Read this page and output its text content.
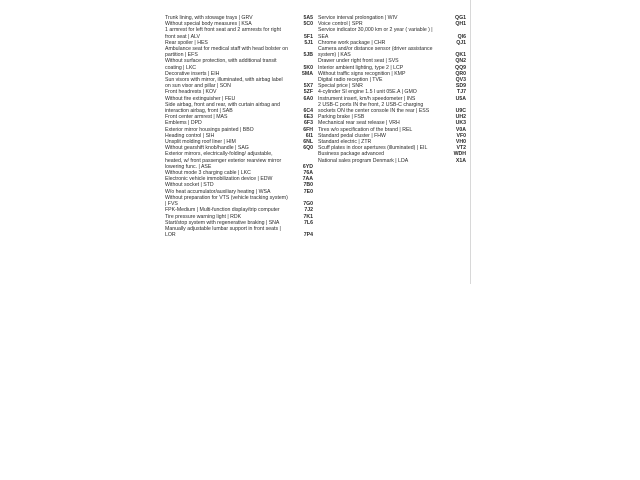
Trunk lining, with stowage trays | GRV	5A5
Without special body measures | KSA	5C0
1 armrest for left front seat and 2 armrests for right front seat | ALV	5F1
Rear spoiler | HES	5J1
Ambulance seat for medical staff with head bolster on partition | EFS	5JB
Without surface protection, with additional transit coating | LKC	5K0
Decorative inserts | EIH	5MA
Sun visors with mirror, illuminated, with airbag label on sun visor and pillar | SON	5X7
Front headrests | KOV	5ZF
Without fire extinguisher | FEU	6A0
Side airbag, front and rear, with curtain airbag and interaction airbag, front | SAB	6C4
Front center armrest | MAS	6E3
Emblems | DPD	6F3
Exterior mirror housings painted | BBO	6FH
Heading control | SIH	6I1
Unsplit molding roof liner | HIM	6NL
Without gearshift knob/handle | SAG	6Q0
Exterior mirrors, electrically-folding/ adjustable, heated, w/ front passenger exterior rearview mirror lowering func. | ASE	6YD
Without mode 3 charging cable | LKC	76A
Electronic vehicle immobilization device | EDW	7AA
Without socket | STD	7B0
W/o heat accumulator/auxiliary heating | WSA	7E0
Without preparation for VTS (vehicle tracking system) | FVS	7G0
FPK-Medium | Multi-function display/trip computer	7J2
Tire pressure warning light | RDK	7K1
Start/stop system with regenerative braking | SNA	7L6
Manually adjustable lumbar support in front seats | LOR	7P4
Service interval prolongation | WIV	QG1
Voice control | SPR	QH1
Service indicator 30,000 km or 2 year ( variable ) | SEA	QI6
Chrome work package | CHR	QJ1
Camera and/or distance sensor (driver assistance system) | KAS	QK1
Drawer under right front seat | SVS	QN2
Interior ambient lighting, type 2 | LCP	QQ9
Without traffic signs recognition | KMP	QR0
Digital radio reception | TVE	QV3
Special price | SNR	SD9
4-cylinder SI engine 1.5 l unit 05E.A | GMO	TJ7
Instrument insert, km/h speedometer | INS	U5A
2 USB-C ports IN the front, 2 USB-C charging sockets ON the center console IN the rear | ESS	U9C
Parking brake | FSB	UH2
Mechanical rear seat release | VRH	UK3
Tires w/o specification of the brand | REL	V0A
Standard pedal cluster | FHW	VF0
Standard electric | ZTR	VH0
Scuff plates in door apertures (illuminated) | EIL	VT2
Business package advanced	WDH
National sales program Denmark | LDA	X1A
